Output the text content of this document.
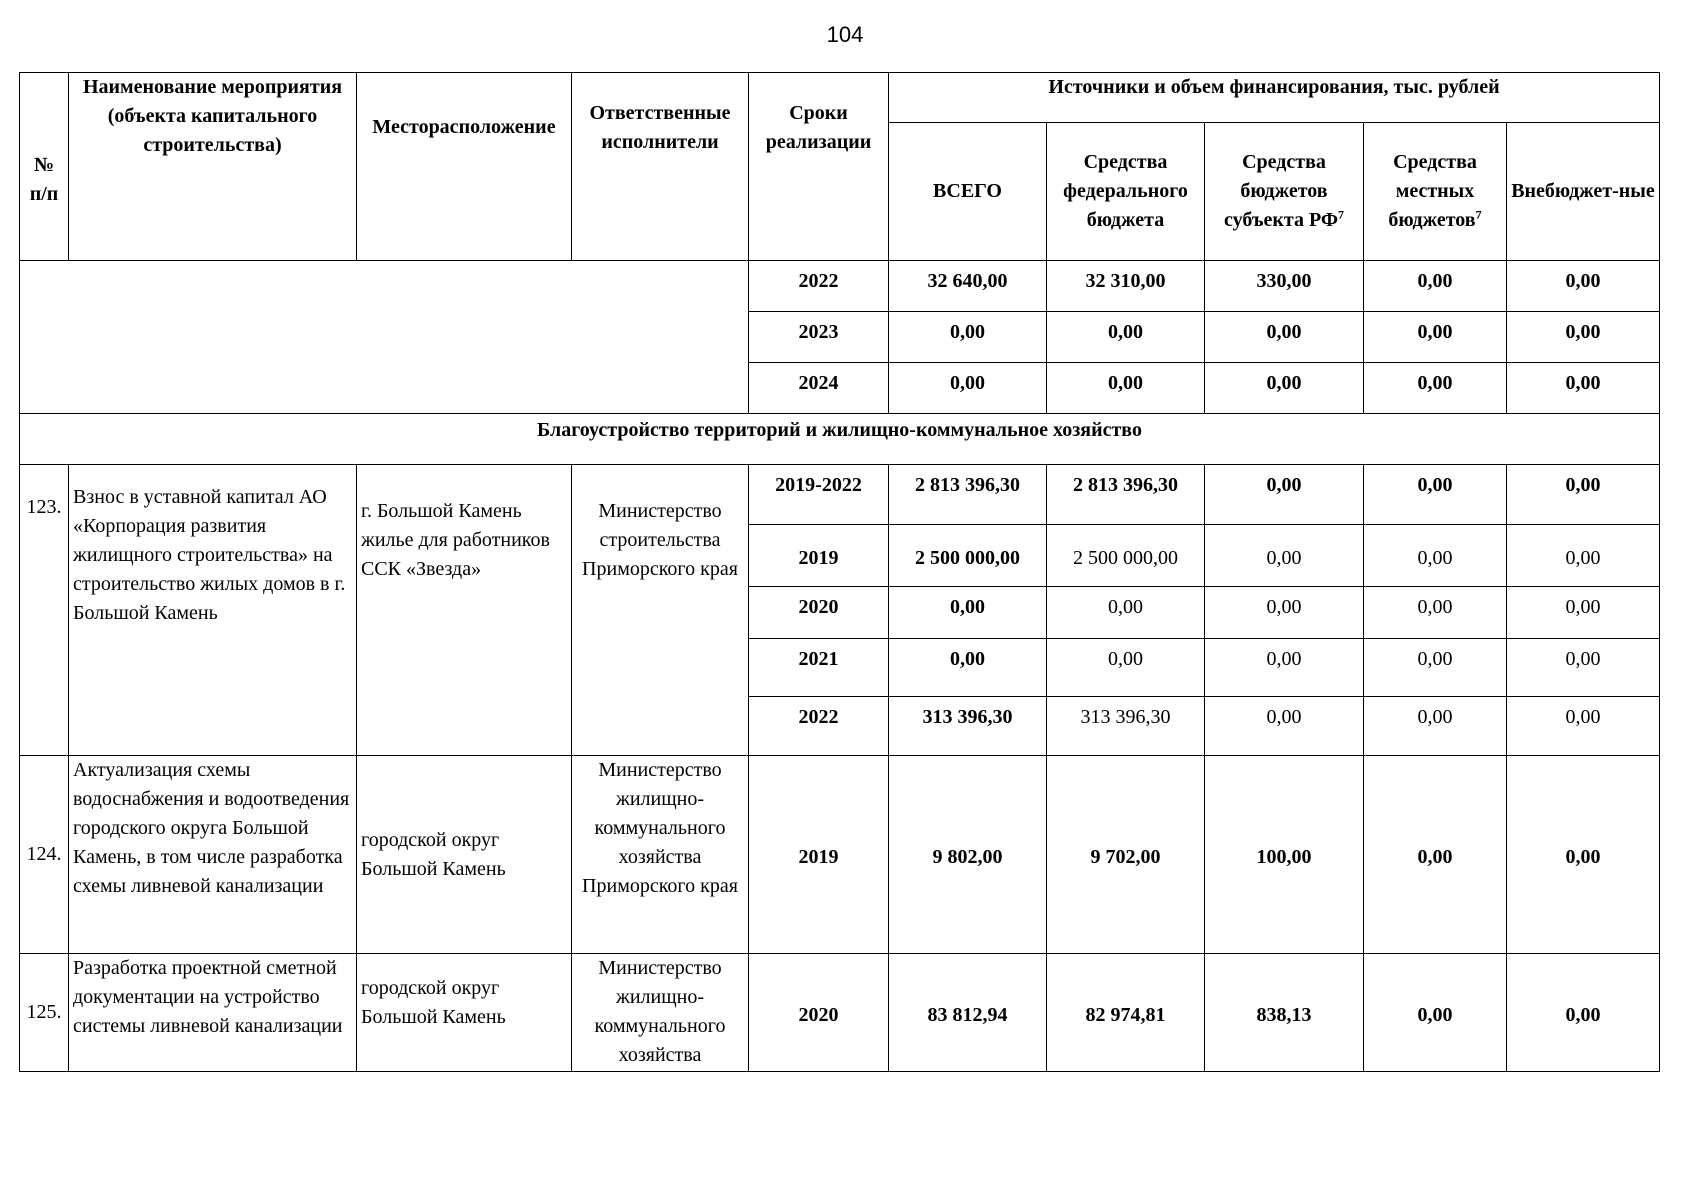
104
№ п/п	Наименование мероприятия (объекта капитального строительства)	Месторасположение	Ответственные исполнители	Сроки реализации	Источники и объем финансирования, тыс. рублей				
					ВСЕГО	Средства федерального бюджета	Средства бюджетов субъекта $РФ^7$	Средства местных бюджетов$^7$	Внебюджет-ные
				2022	32 640,00	32 310,00	330,00	0,00	0,00
				2023	0,00	0,00	0,00	0,00	0,00
				2024	0,00	0,00	0,00	0,00	0,00
Благоустройство территорий и жилищно-коммунальное хозяйство									
123.	Взнос в уставной капитал АО «Корпорация развития жилищного строительства» на строительство жилых домов в г. Большой Камень	г. Большой Камень жилье для работников ССК «Звезда»	Министерство строительства Приморского края	2019-2022	2 813 396,30	2 813 396,30	0,00	0,00	0,00
				2019	2 500 000,00	2 500 000,00	0,00	0,00	0,00
				2020	0,00	0,00	0,00	0,00	0,00
				2021	0,00	0,00	0,00	0,00	0,00
				2022	313 396,30	313 396,30	0,00	0,00	0,00
124.	Актуализация схемы водоснабжения и водоотведения городского округа Большой Камень, в том числе разработка схемы ливневой канализации	городской округ Большой Камень	Министерство жилищно-коммунального хозяйства Приморского края	2019	9 802,00	9 702,00	100,00	0,00	0,00
125.	Разработка проектной сметной документации на устройство системы ливневой канализации	городской округ Большой Камень	Министерство жилищно-коммунального хозяйства	2020	83 812,94	82 974,81	838,13	0,00	0,00
